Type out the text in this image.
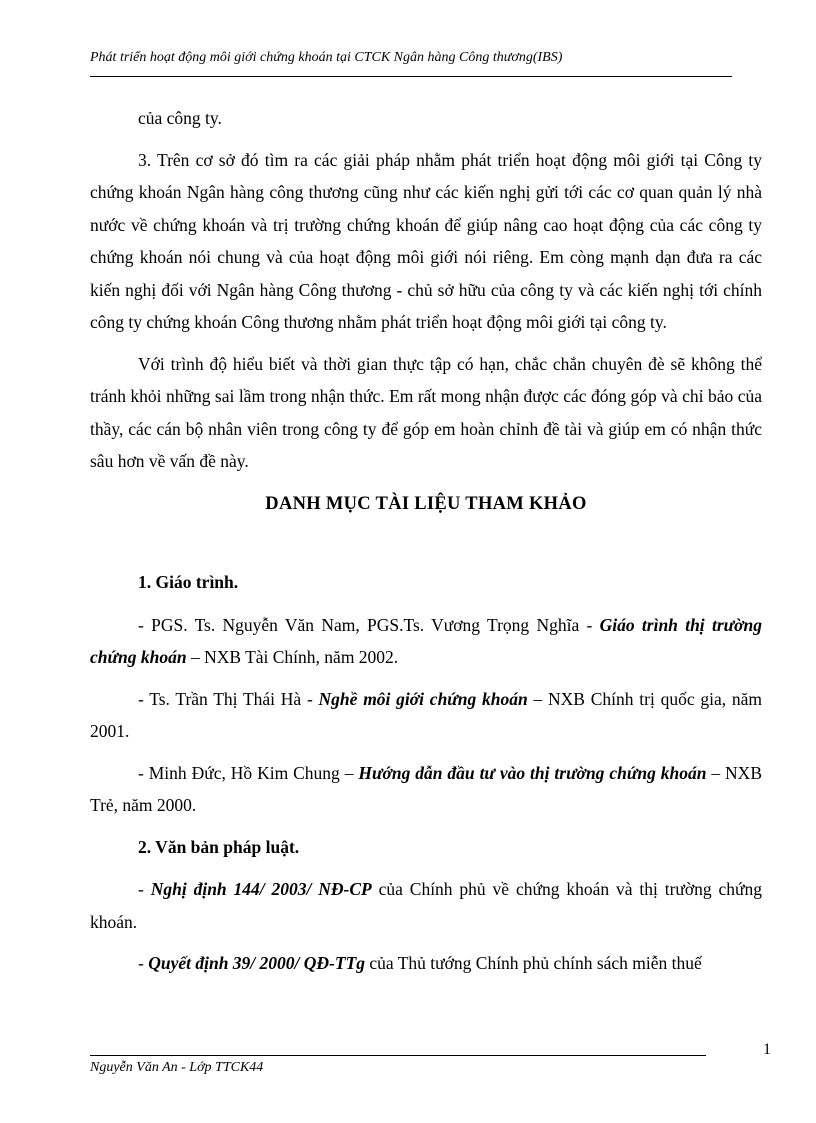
Phát triển hoạt động môi giới chứng khoán tại CTCK Ngân hàng Công thương(IBS)

của công ty.

3. Trên cơ sở đó tìm ra các giải pháp nhằm phát triển hoạt động môi giới tại Công ty chứng khoán Ngân hàng công thương cũng như các kiến nghị gửi tới các cơ quan quản lý nhà nước về chứng khoán và trị trường chứng khoán để giúp nâng cao hoạt động của các công ty chứng khoán nói chung và của hoạt động môi giới nói riêng. Em còng mạnh dạn đưa ra các kiến nghị đối với Ngân hàng Công thương - chủ sở hữu của công ty và các kiến nghị tới chính công ty chứng khoán Công thương nhằm phát triển hoạt động môi giới tại công ty.

Với trình độ hiểu biết và thời gian thực tập có hạn, chắc chắn chuyên đè sẽ không thể tránh khỏi những sai lầm trong nhận thức. Em rất mong nhận được các đóng góp và chỉ bảo của thầy, các cán bộ nhân viên trong công ty để góp em hoàn chỉnh đề tài và giúp em có nhận thức sâu hơn về vấn đề này.

DANH MỤC TÀI LIỆU THAM KHẢO
1. Giáo trình.

- PGS. Ts. Nguyễn Văn Nam, PGS.Ts. Vương Trọng Nghĩa - Giáo trình thị trường chứng khoán – NXB Tài Chính, năm 2002.

- Ts. Trần Thị Thái Hà - Nghề môi giới chứng khoán – NXB Chính trị quốc gia, năm 2001.

- Minh Đức, Hồ Kim Chung – Hướng dẫn đầu tư vào thị trường chứng khoán – NXB Trẻ, năm 2000.

2. Văn bản pháp luật.

- Nghị định 144/ 2003/ NĐ-CP của Chính phủ về chứng khoán và thị trường chứng khoán.

- Quyết định 39/ 2000/ QĐ-TTg của Thủ tướng Chính phủ chính sách miễn thuế

1
Nguyễn Văn An - Lớp TTCK44
